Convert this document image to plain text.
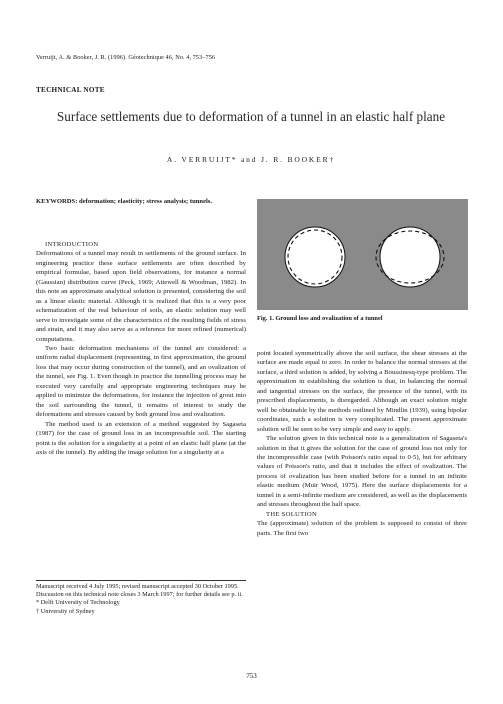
Verruijt, A. & Booker, J. R. (1996). Géotechnique 46, No. 4, 753–756
TECHNICAL NOTE
Surface settlements due to deformation of a tunnel in an elastic half plane
A. VERRUIJT* and J. R. BOOKER†
KEYWORDS: deformation; elasticity; stress analysis; tunnels.

INTRODUCTION

Deformations of a tunnel may result in settlements of the ground surface. In engineering practice these surface settlements are often described by empirical formulae, based upon field observations, for instance a normal (Gaussian) distribution curve (Peck, 1969; Attewell & Woodman, 1982). In this note an approximate analytical solution is presented, considering the soil as a linear elastic material. Although it is realized that this is a very poor schematization of the real behaviour of soils, an elastic solution may well serve to investigate some of the characteristics of the resulting fields of stress and strain, and it may also serve as a reference for more refined (numerical) computations.

Two basic deformation mechanisms of the tunnel are considered: a uniform radial displacement (representing, in first approximation, the ground loss that may occur during construction of the tunnel), and an ovalization of the tunnel, see Fig. 1. Even though in practice the tunnelling process may be executed very carefully and appropriate engineering techniques may be applied to minimize the deformations, for instance the injection of grout into the soil surrounding the tunnel, it remains of interest to study the deformations and stresses caused by both ground loss and ovalization.

The method used is an extension of a method suggested by Sagaseta (1987) for the case of ground loss in an incompressible soil. The starting point is the solution for a singularity at a point of an elastic half plane (at the axis of the tunnel). By adding the image solution for a singularity at a

Manuscript received 4 July 1995; revised manuscript accepted 30 October 1995.
Discussion on this technical note closes 3 March 1997; for further details see p. ii.
* Delft University of Technology
† University of Sydney
Fig. 1. Ground loss and ovalization of a tunnel

point located symmetrically above the soil surface, the shear stresses at the surface are made equal to zero. In order to balance the normal stresses at the surface, a third solution is added, by solving a Boussinesq-type problem. The approximation in establishing the solution is that, in balancing the normal and tangential stresses on the surface, the presence of the tunnel, with its prescribed displacements, is disregarded. Although an exact solution might well be obtainable by the methods outlined by Mindlin (1939), using bipolar coordinates, such a solution is very complicated. The present approximate solution will be seen to be very simple and easy to apply.

The solution given in this technical note is a generalization of Sagaseta's solution in that it gives the solution for the case of ground loss not only for the incompressible case (with Poisson's ratio equal to 0·5), but for arbitrary values of Poisson's ratio, and that it includes the effect of ovalization. The process of ovalization has been studied before for a tunnel in an infinite elastic medium (Muir Wood, 1975). Here the surface displacements for a tunnel in a semi-infinite medium are considered, as well as the displacements and stresses throughout the half space.

THE SOLUTION

The (approximate) solution of the problem is supposed to consist of three parts. The first two

753
